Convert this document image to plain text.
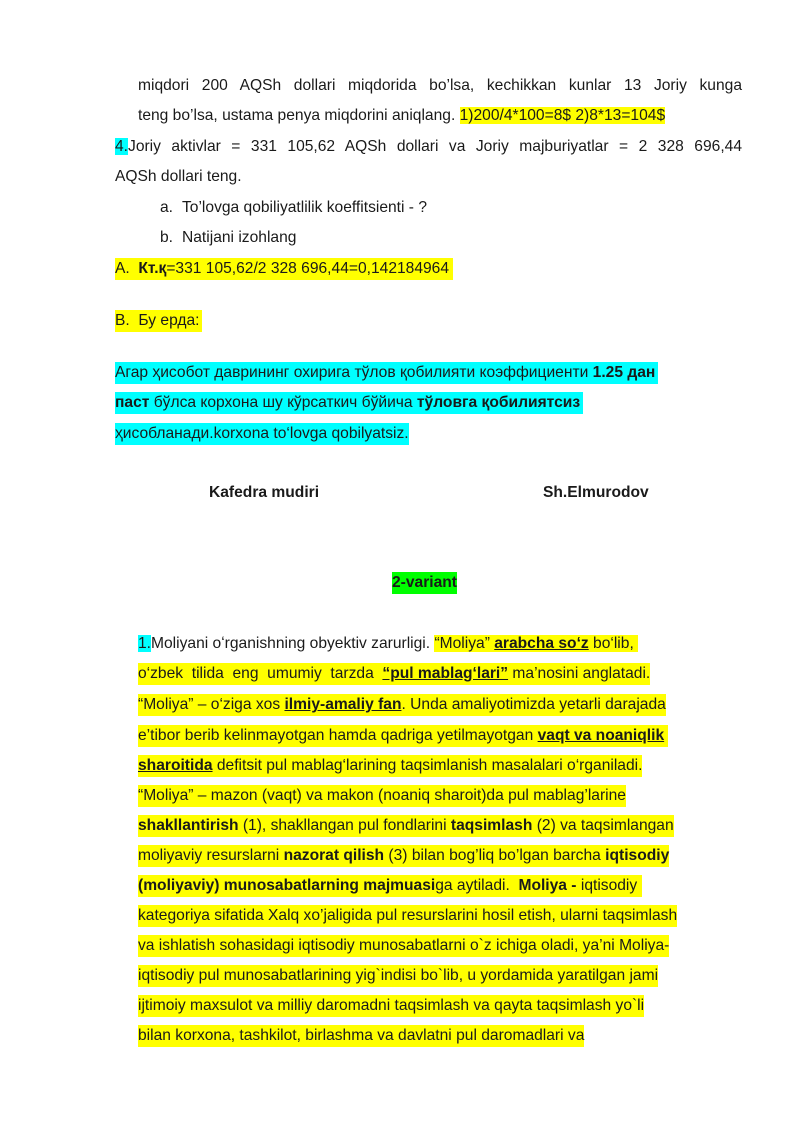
miqdori 200 AQSh dollari miqdorida bo’lsa, kechikkan kunlar 13 Joriy kunga
teng bo’lsa, ustama penya miqdorini aniqlang. 1)200/4*100=8$ 2)8*13=104$
4.Joriy aktivlar = 331 105,62 AQSh dollari va Joriy majburiyatlar = 2 328 696,44
AQSh dollari teng.
a. To’lovga qobiliyatlilik koeffitsienti - ?
b. Natijani izohlang
A. Кт.қ=331 105,62/2 328 696,44=0,142184964
B. Бу ерда:
Агар ҳисобот даврининг охирига тўлов қобилияти коэффициенти 1.25 дан
паст бўлса корхона шу кўрсаткич бўйича тўловга қобилиятсиз
ҳисобланади.korxona to‘lovga qobilyatsiz.
Kafedra mudiri	Sh.Elmurodov
2-variant
1.Moliyani oʻrganishning obyektiv zarurligi. “Moliya” arabcha so‘z bo‘lib,
o‘zbek  tilida  eng  umumiy  tarzda  “pul mablag‘lari” ma’nosini anglatadi.
“Moliya” – o‘ziga xos ilmiy-amaliy fan. Unda amaliyotimizda yetarli darajada
e’tibor berib kelinmayotgan hamda qadriga yetilmayotgan vaqt va noaniqlik
sharoitida defitsit pul mablag‘larining taqsimlanish masalalari o‘rganiladi.
“Moliya” – mazon (vaqt) va makon (noaniq sharoit)da pul mablag’larine
shakllantirish (1), shakllangan pul fondlarini taqsimlash (2) va taqsimlangan
moliyaviy resurslarni nazorat qilish (3) bilan bog’liq bo’lgan barcha iqtisodiy
(moliyaviy) munosabatlarning majmuasiga aytiladi.  Moliya - iqtisodiy
kategoriya sifatida Xalq xo’jaligida pul resurslarini hosil etish, ularni taqsimlash
va ishlatish sohasidagi iqtisodiy munosabatlarni o`z ichiga oladi, ya’ni Moliya-
iqtisodiy pul munosabatlarining yig`indisi bo`lib, u yordamida yaratilgan jami
ijtimoiy maxsulot va milliy daromadni taqsimlash va qayta taqsimlash yo`li
bilan korxona, tashkilot, birlashma va davlatni pul daromadlari va
